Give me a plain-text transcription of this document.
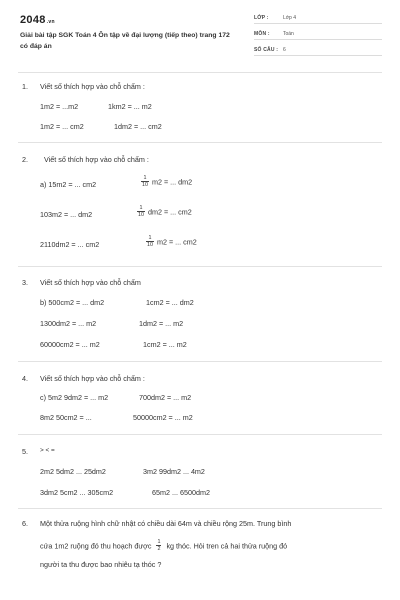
2048.vn
Giải bài tập SGK Toán 4 Ôn tập về đại lượng (tiếp theo) trang 172 có đáp án
LỚP :	Lớp 4
MÔN :	Toán
SỐ CÂU : 6
1. Viết số thích hợp vào chỗ chấm :
1m2 = ...m2	1km2 = ... m2
1m2 = ... cm2	1dm2 = ... cm2
2. Viết số thích hợp vào chỗ chấm :
a) 15m2 = ... cm2	$\frac{1}{10} m2$ = ... dm2
103m2 = ... dm2	$\frac{1}{10} dm2$ = ... cm2
2110dm2 = ... cm2	$\frac{1}{10} m2$ = ... cm2
3. Viết số thích hợp vào chỗ chấm
b) 500cm2 = ... dm2	1cm2 = ... dm2
1300dm2 = ... m2	1dm2 = ... m2
60000cm2 = ... m2	1cm2 = ... m2
4. Viết số thích hợp vào chỗ chấm :
c) 5m2 9dm2 = ... m2	700dm2 = ... m2
8m2 50cm2 = ...	50000cm2 = ... m2
5. > < =
2m2 5dm2 ... 25dm2	3m2 99dm2 ... 4m2
3dm2 5cm2 ... 305cm2	65m2 ... 6500dm2
6. Một thửa ruộng hình chữ nhật có chiều dài 64m và chiều rộng 25m. Trung bình
cứa 1m2 ruộng đó thu hoạch được $\frac{1}{2}$ kg thóc. Hỏi tren cả hai thửa ruộng đó
người ta thu được bao nhiêu tạ thóc ?
